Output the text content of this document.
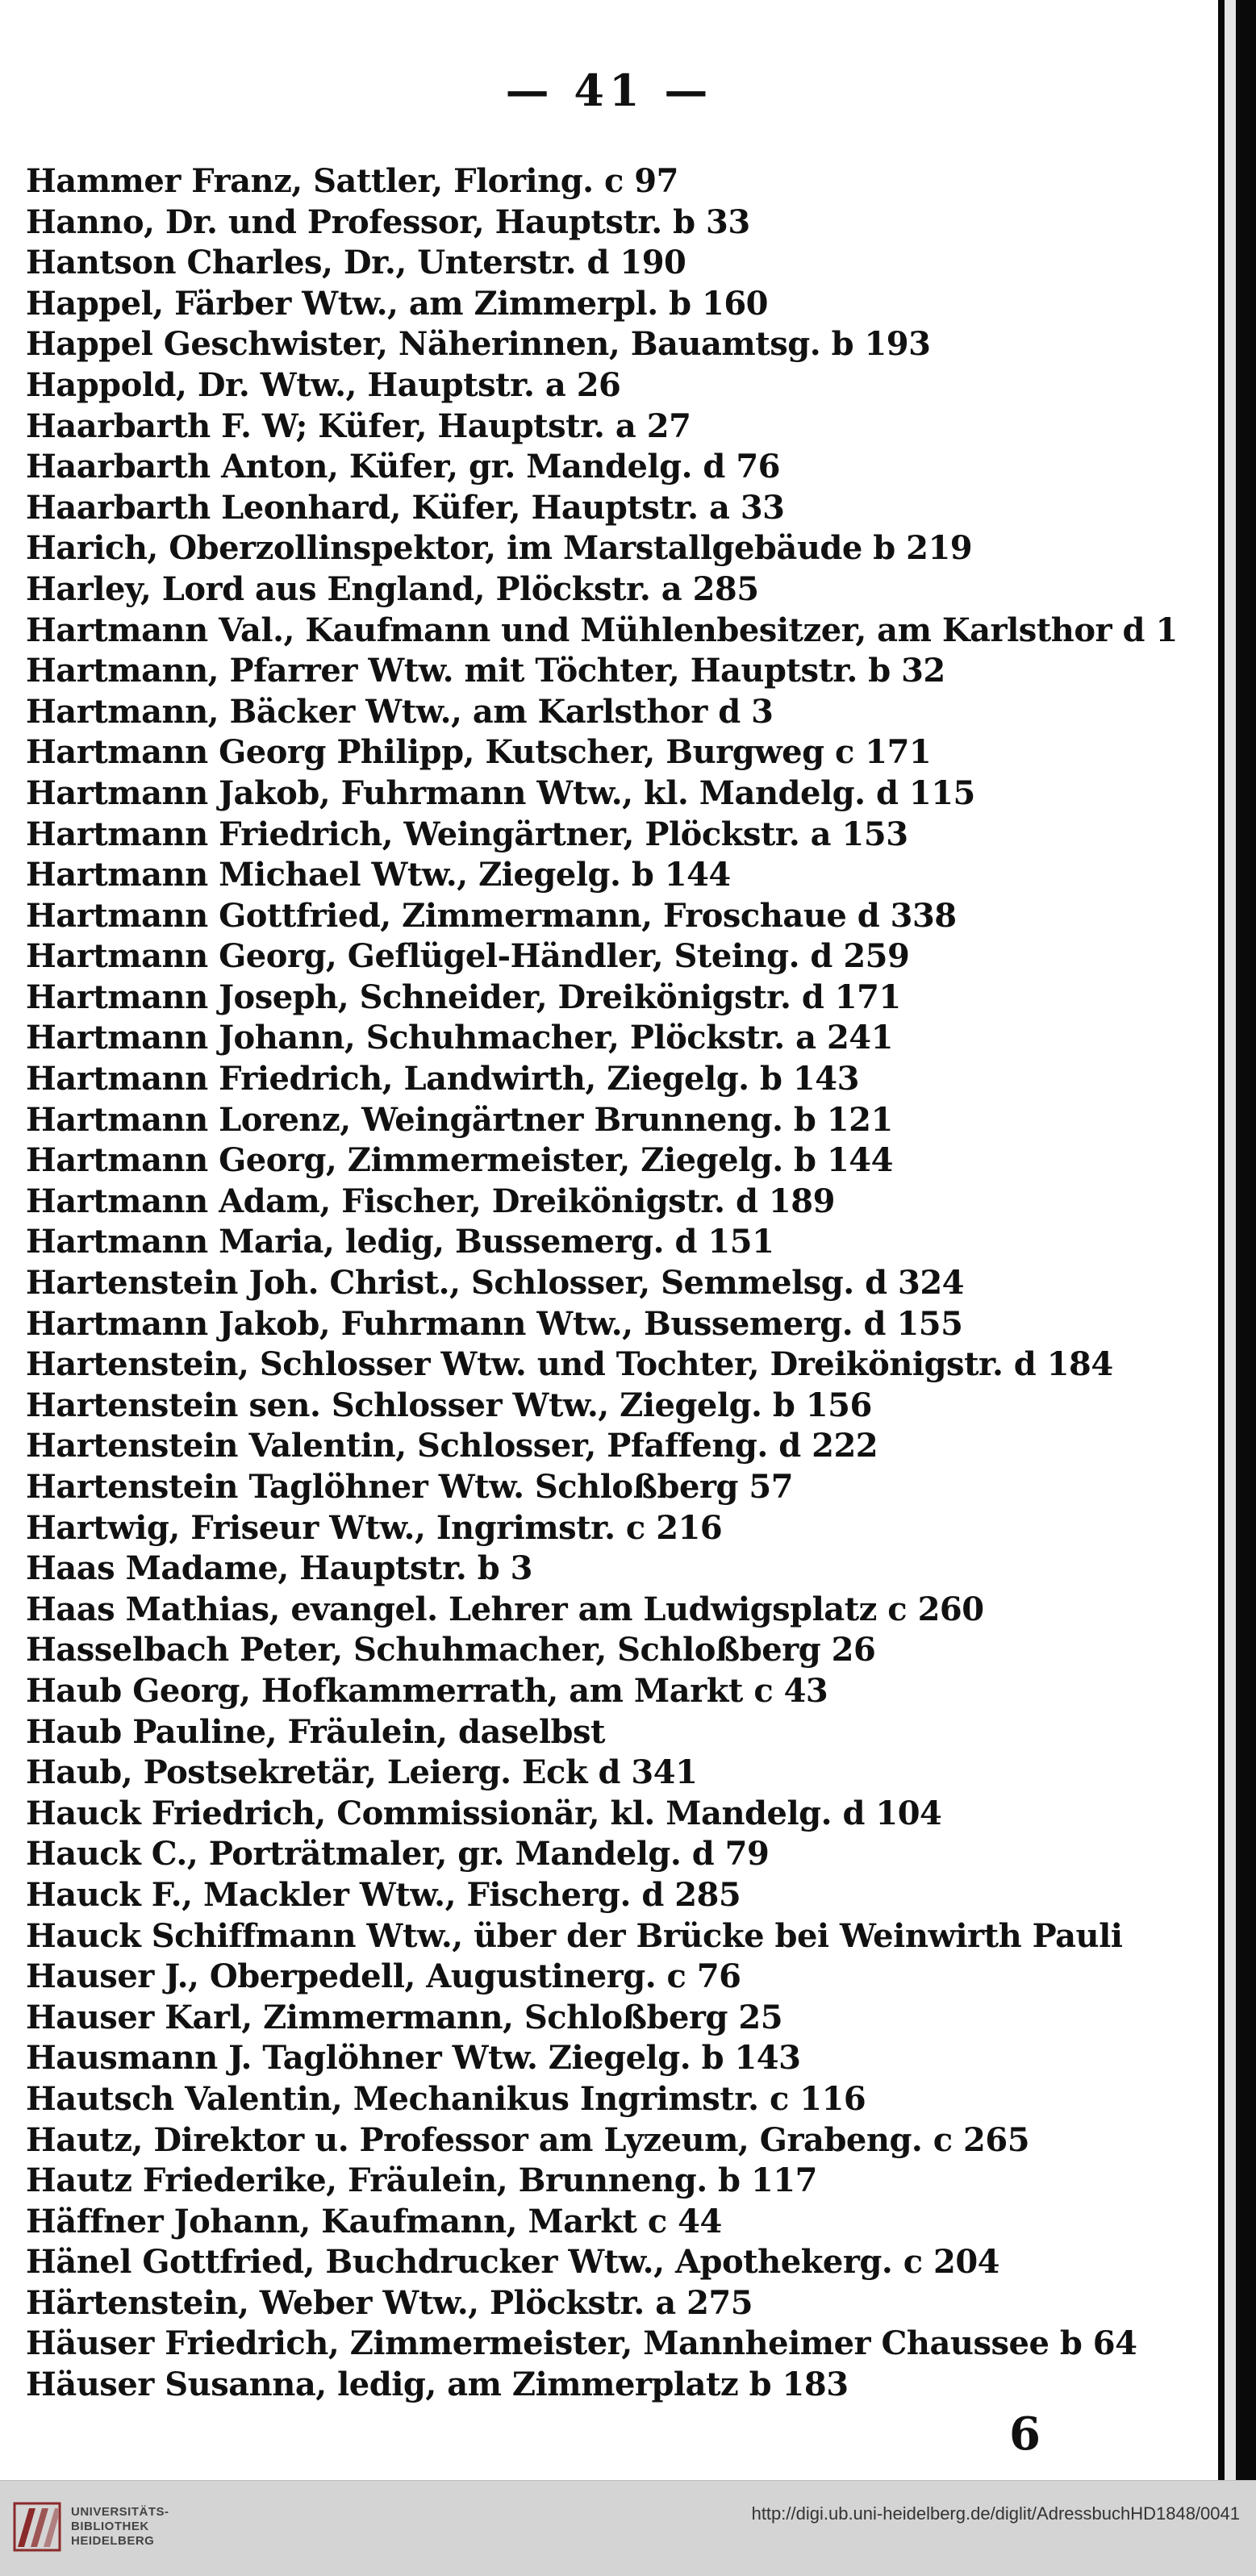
— 41 —
Hammer Franz, Sattler, Floring. c 97
Hanno, Dr. und Professor, Hauptstr. b 33
Hantson Charles, Dr., Unterstr. d 190
Happel, Färber Wtw., am Zimmerpl. b 160
Happel Geschwister, Näherinnen, Bauamtsg. b 193
Happold, Dr. Wtw., Hauptstr. a 26
Haarbarth F. W; Küfer, Hauptstr. a 27
Haarbarth Anton, Küfer, gr. Mandelg. d 76
Haarbarth Leonhard, Küfer, Hauptstr. a 33
Harich, Oberzollinspektor, im Marstallgebäude b 219
Harley, Lord aus England, Plöckstr. a 285
Hartmann Val., Kaufmann und Mühlenbesitzer, am Karlsthor d 1
Hartmann, Pfarrer Wtw. mit Töchter, Hauptstr. b 32
Hartmann, Bäcker Wtw., am Karlsthor d 3
Hartmann Georg Philipp, Kutscher, Burgweg c 171
Hartmann Jakob, Fuhrmann Wtw., kl. Mandelg. d 115
Hartmann Friedrich, Weingärtner, Plöckstr. a 153
Hartmann Michael Wtw., Ziegelg. b 144
Hartmann Gottfried, Zimmermann, Froschaue d 338
Hartmann Georg, Geflügel-Händler, Steing. d 259
Hartmann Joseph, Schneider, Dreikönigstr. d 171
Hartmann Johann, Schuhmacher, Plöckstr. a 241
Hartmann Friedrich, Landwirth, Ziegelg. b 143
Hartmann Lorenz, Weingärtner Brunneng. b 121
Hartmann Georg, Zimmermeister, Ziegelg. b 144
Hartmann Adam, Fischer, Dreikönigstr. d 189
Hartmann Maria, ledig, Bussemerg. d 151
Hartenstein Joh. Christ., Schlosser, Semmelsg. d 324
Hartmann Jakob, Fuhrmann Wtw., Bussemerg. d 155
Hartenstein, Schlosser Wtw. und Tochter, Dreikönigstr. d 184
Hartenstein sen. Schlosser Wtw., Ziegelg. b 156
Hartenstein Valentin, Schlosser, Pfaffeng. d 222
Hartenstein Taglöhner Wtw. Schloßberg 57
Hartwig, Friseur Wtw., Ingrimstr. c 216
Haas Madame, Hauptstr. b 3
Haas Mathias, evangel. Lehrer am Ludwigsplatz c 260
Hasselbach Peter, Schuhmacher, Schloßberg 26
Haub Georg, Hofkammerrath, am Markt c 43
Haub Pauline, Fräulein, daselbst
Haub, Postsekretär, Leierg. Eck d 341
Hauck Friedrich, Commissionär, kl. Mandelg. d 104
Hauck C., Porträtmaler, gr. Mandelg. d 79
Hauck F., Mackler Wtw., Fischerg. d 285
Hauck Schiffmann Wtw., über der Brücke bei Weinwirth Pauli
Hauser J., Oberpedell, Augustinerg. c 76
Hauser Karl, Zimmermann, Schloßberg 25
Hausmann J. Taglöhner Wtw. Ziegelg. b 143
Hautsch Valentin, Mechanikus Ingrimstr. c 116
Hautz, Direktor u. Professor am Lyzeum, Grabeng. c 265
Hautz Friederike, Fräulein, Brunneng. b 117
Häffner Johann, Kaufmann, Markt c 44
Hänel Gottfried, Buchdrucker Wtw., Apothekerg. c 204
Härtenstein, Weber Wtw., Plöckstr. a 275
Häuser Friedrich, Zimmermeister, Mannheimer Chaussee b 64
Häuser Susanna, ledig, am Zimmerplatz b 183
6
UNIVERSITÄTS-
BIBLIOTHEK
HEIDELBERG
http://digi.ub.uni-heidelberg.de/diglit/AdressbuchHD1848/0041
